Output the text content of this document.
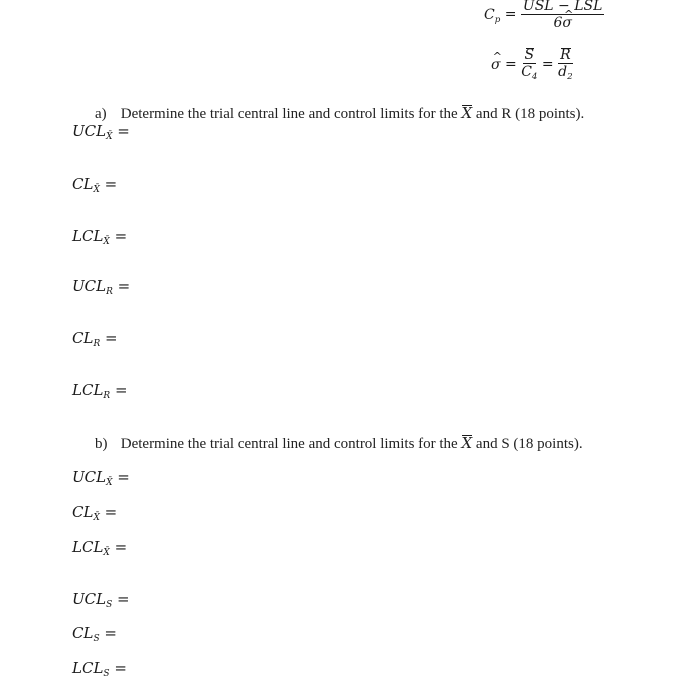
$C_p = \frac{\text{USL − LSL}}{6\^{} \sigma}$
^ $\sigma = \frac{S}{C_4} = \frac{R}{d_2}$
a) Determine the trial central line and control limits for the X and R (18 points).
$UCL_{X̄}$ =
$CL_{X̄}$ =
$LCL_{X̄}$ =
$UCL_R$ =
$CL_R$ =
$LCL_R$ =
b) Determine the trial central line and control limits for the X and S (18 points).
$UCL_{X̄}$ =
$CL_{X̄}$ =
$LCL_{X̄}$ =
$UCL_S$ =
$CL_S$ =
$LCL_S$ =
